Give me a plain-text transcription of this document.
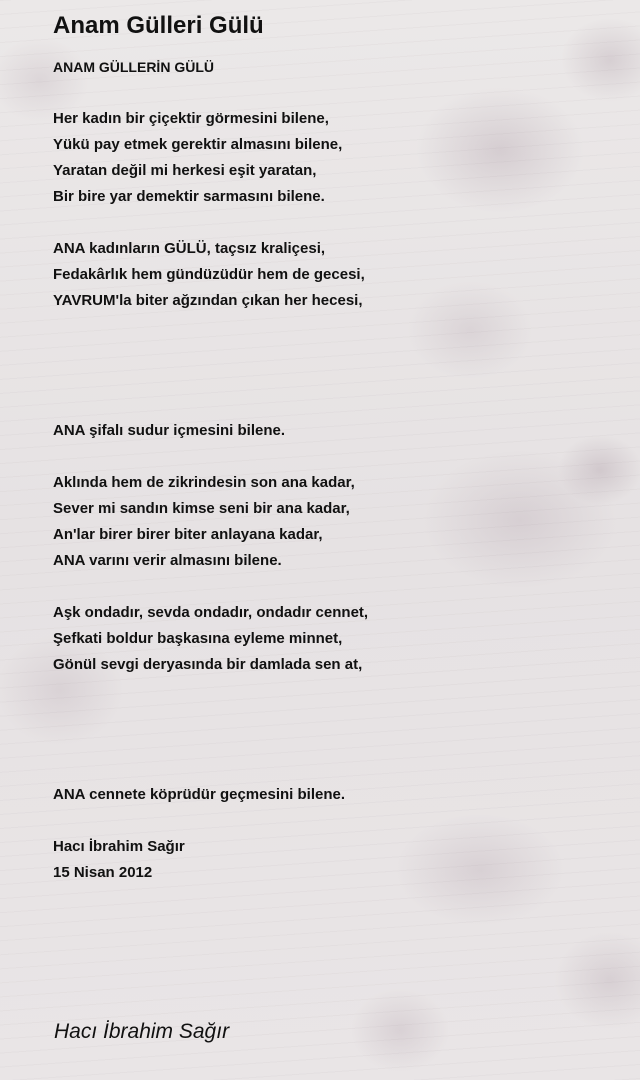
Anam Gülleri Gülü
ANAM GÜLLERİN GÜLÜ
Her kadın bir çiçektir görmesini bilene,
Yükü pay etmek gerektir almasını bilene,
Yaratan değil mi herkesi eşit yaratan,
Bir bire yar demektir sarmasını bilene.
ANA kadınların GÜLÜ, taçsız kraliçesi,
Fedakârlık hem gündüzüdür hem de gecesi,
YAVRUM'la biter ağzından çıkan her hecesi,
ANA şifalı sudur içmesini bilene.
Aklında hem de zikrindesin son ana kadar,
Sever mi sandın kimse seni bir ana kadar,
An'lar birer birer biter anlayana kadar,
ANA varını verir almasını bilene.
Aşk ondadır, sevda ondadır, ondadır cennet,
Şefkati boldur başkasına eyleme minnet,
Gönül sevgi deryasında bir damlada sen at,
ANA cennete köprüdür geçmesini bilene.
Hacı İbrahim Sağır
15 Nisan 2012
Hacı İbrahim Sağır
